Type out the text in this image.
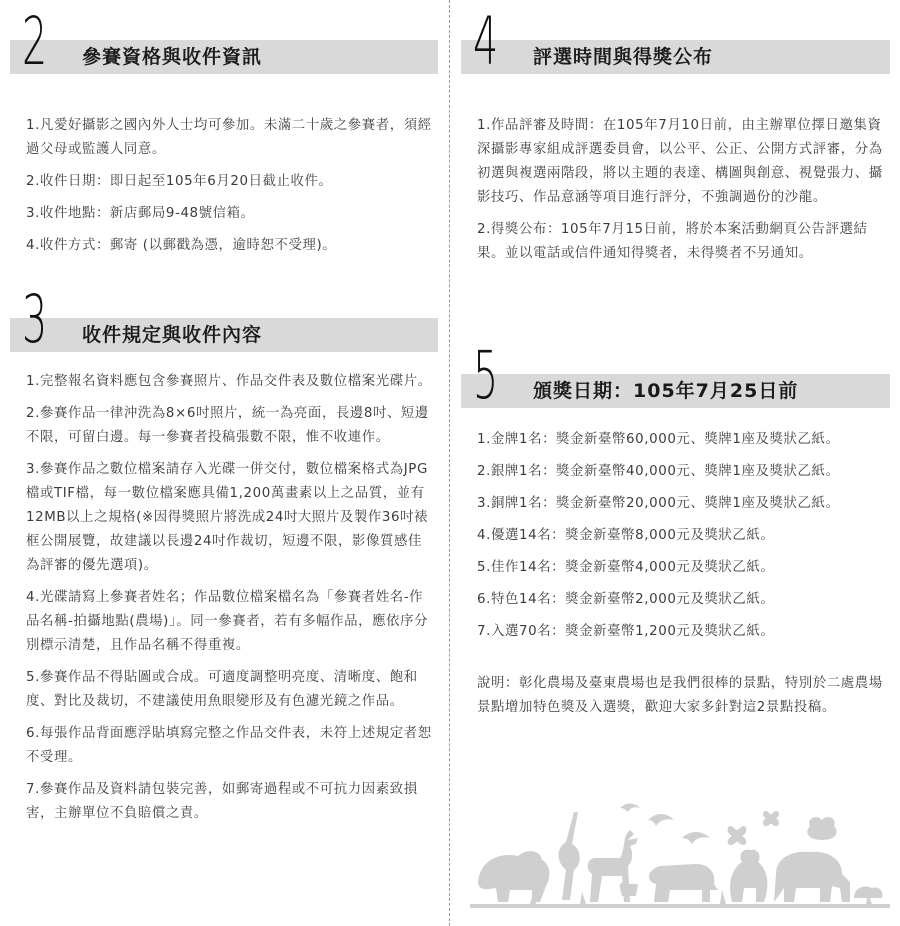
2 參賽資格與收件資訊
1.凡愛好攝影之國內外人士均可參加。未滿二十歲之參賽者，須經過父母或監護人同意。
2.收件日期：即日起至105年6月20日截止收件。
3.收件地點：新店郵局9-48號信箱。
4.收件方式：郵寄 (以郵戳為憑，逾時恕不受理)。
3 收件規定與收件內容
1.完整報名資料應包含參賽照片、作品交件表及數位檔案光碟片。
2.參賽作品一律沖洗為8×6吋照片，統一為亮面，長邊8吋、短邊不限，可留白邊。每一參賽者投稿張數不限，惟不收連作。
3.參賽作品之數位檔案請存入光碟一併交付，數位檔案格式為JPG檔或TIF檔，每一數位檔案應具備1,200萬畫素以上之品質，並有12MB以上之規格(※因得獎照片將洗成24吋大照片及製作36吋裱框公開展覽，故建議以長邊24吋作裁切，短邊不限，影像質感佳為評審的優先選項)。
4.光碟請寫上參賽者姓名；作品數位檔案檔名為「參賽者姓名-作品名稱-拍攝地點(農場)」。同一參賽者，若有多幅作品，應依序分別標示清楚，且作品名稱不得重複。
5.參賽作品不得貼圖或合成。可適度調整明亮度、清晰度、飽和度、對比及裁切，不建議使用魚眼變形及有色濾光鏡之作品。
6.每張作品背面應浮貼填寫完整之作品交件表，未符上述規定者恕不受理。
7.參賽作品及資料請包裝完善，如郵寄過程或不可抗力因素致損害，主辦單位不負賠償之責。
4 評選時間與得獎公布
1.作品評審及時間：在105年7月10日前，由主辦單位擇日邀集資深攝影專家組成評選委員會，以公平、公正、公開方式評審，分為初選與複選兩階段，將以主題的表達、構圖與創意、視覺張力、攝影技巧、作品意涵等項目進行評分，不強調過份的沙龍。
2.得獎公布：105年7月15日前，將於本案活動網頁公告評選結果。並以電話或信件通知得獎者，未得獎者不另通知。
5 頒獎日期：105年7月25日前
1.金牌1名：獎金新臺幣60,000元、獎牌1座及獎狀乙紙。
2.銀牌1名：獎金新臺幣40,000元、獎牌1座及獎狀乙紙。
3.銅牌1名：獎金新臺幣20,000元、獎牌1座及獎狀乙紙。
4.優選14名：獎金新臺幣8,000元及獎狀乙紙。
5.佳作14名：獎金新臺幣4,000元及獎狀乙紙。
6.特色14名：獎金新臺幣2,000元及獎狀乙紙。
7.入選70名：獎金新臺幣1,200元及獎狀乙紙。
說明：彰化農場及臺東農場也是我們很棒的景點，特別於二處農場景點增加特色獎及入選獎，歡迎大家多針對這2景點投稿。
